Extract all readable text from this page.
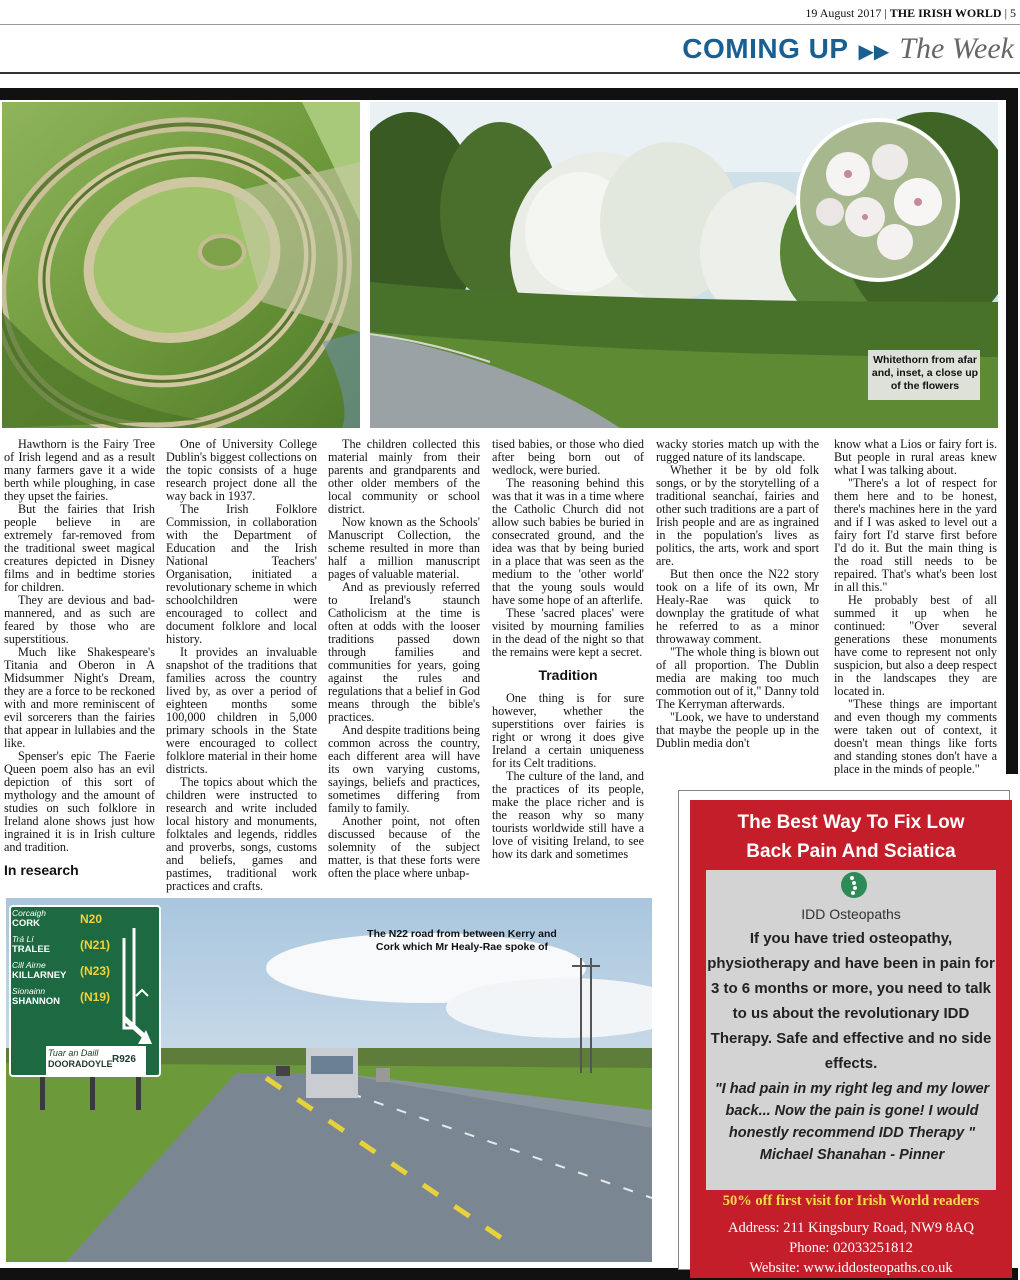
19 August 2017 | THE IRISH WORLD | 5
COMING UP ▶▶ The Week
Whitethorn from afar and, inset, a close up of the flowers

Hawthorn is the Fairy Tree of Irish legend and as a result many farmers gave it a wide berth while ploughing, in case they upset the fairies.

But the fairies that Irish people believe in are extremely far-removed from the traditional sweet magical creatures depicted in Disney films and in bedtime stories for children.

They are devious and bad-mannered, and as such are feared by those who are superstitious.

Much like Shakespeare's Titania and Oberon in A Midsummer Night's Dream, they are a force to be reckoned with and more reminiscent of evil sorcerers than the fairies that appear in lullabies and the like.

Spenser's epic The Faerie Queen poem also has an evil depiction of this sort of mythology and the amount of studies on such folklore in Ireland alone shows just how ingrained it is in Irish culture and tradition.

In research

One of University College Dublin's biggest collections on the topic consists of a huge research project done all the way back in 1937.

The Irish Folklore Commission, in collaboration with the Department of Education and the Irish National Teachers' Organisation, initiated a revolutionary scheme in which schoolchildren were encouraged to collect and document folklore and local history.

It provides an invaluable snapshot of the traditions that families across the country lived by, as over a period of eighteen months some 100,000 children in 5,000 primary schools in the State were encouraged to collect folklore material in their home districts.

The topics about which the children were instructed to research and write included local history and monuments, folktales and legends, riddles and proverbs, songs, customs and beliefs, games and pastimes, traditional work practices and crafts.

The children collected this material mainly from their parents and grandparents and other older members of the local community or school district.

Now known as the Schools' Manuscript Collection, the scheme resulted in more than half a million manuscript pages of valuable material.

And as previously referred to Ireland's staunch Catholicism at the time is often at odds with the looser traditions passed down through families and communities for years, going against the rules and regulations that a belief in God means through the bible's practices.

And despite traditions being common across the country, each different area will have its own varying customs, sayings, beliefs and practices, sometimes differing from family to family.

Another point, not often discussed because of the solemnity of the subject matter, is that these forts were often the place where unbap-

tised babies, or those who died after being born out of wedlock, were buried.

The reasoning behind this was that it was in a time where the Catholic Church did not allow such babies be buried in consecrated ground, and the idea was that by being buried in a place that was seen as the medium to the 'other world' that the young souls would have some hope of an afterlife.

These 'sacred places' were visited by mourning families in the dead of the night so that the remains were kept a secret.

Tradition

One thing is for sure however, whether the superstitions over fairies is right or wrong it does give Ireland a certain uniqueness for its Celt traditions.

The culture of the land, and the practices of its people, make the place richer and is the reason why so many tourists worldwide still have a love of visiting Ireland, to see how its dark and sometimes

wacky stories match up with the rugged nature of its landscape.

Whether it be by old folk songs, or by the storytelling of a traditional seanchaí, fairies and other such traditions are a part of Irish people and are as ingrained in the population's lives as politics, the arts, work and sport are.

But then once the N22 story took on a life of its own, Mr Healy-Rae was quick to downplay the gratitude of what he referred to as a minor throwaway comment.

"The whole thing is blown out of all proportion. The Dublin media are making too much commotion out of it," Danny told The Kerryman afterwards.

"Look, we have to understand that maybe the people up in the Dublin media don't

know what a Lios or fairy fort is. But people in rural areas knew what I was talking about.

"There's a lot of respect for them here and to be honest, there's machines here in the yard and if I was asked to level out a fairy fort I'd starve first before I'd do it. But the main thing is the road still needs to be repaired. That's what's been lost in all this."

He probably best of all summed it up when he continued: "Over several generations these monuments have come to represent not only suspicion, but also a deep respect in the landscapes they are located in.

"These things are important and even though my comments were taken out of context, it doesn't mean things like forts and standing stones don't have a place in the minds of people."

Corcaigh
CORK	N20
Trá Lí
TRALEE	(N21)
Cill Airne
KILLARNEY	(N23)
Sionainn
SHANNON	(N19)
Tuar an Daill
DOORADOYLE R926
The N22 road from between Kerry and Cork which Mr Healy-Rae spoke of
The Best Way To Fix Low
Back Pain And Sciatica
IDD Osteopaths
If you have tried osteopathy, physiotherapy and have been in pain for 3 to 6 months or more, you need to talk to us about the revolutionary IDD Therapy. Safe and effective and no side effects.
"I had pain in my right leg and my lower back... Now the pain is gone! I would honestly recommend IDD Therapy "
Michael Shanahan - Pinner
50% off first visit for Irish World readers
Address: 211 Kingsbury Road, NW9 8AQ
Phone: 02033251812
Website: www.iddosteopaths.co.uk
